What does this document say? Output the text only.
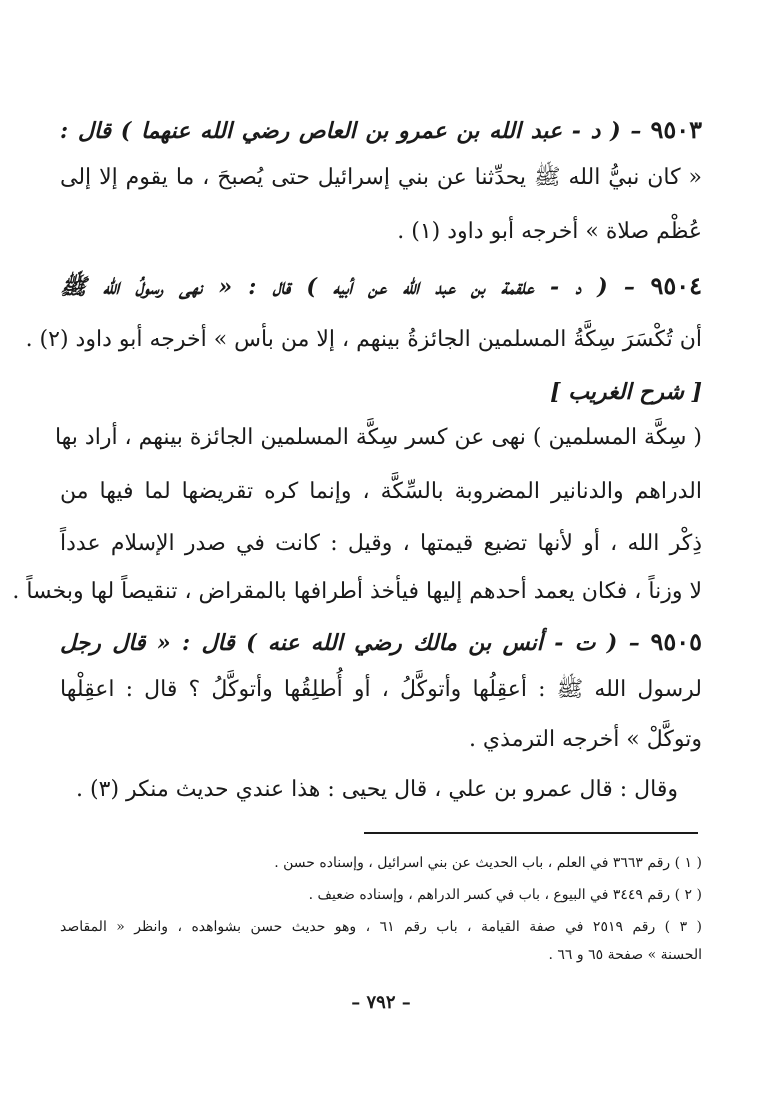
٩٥٠٣ – ( د - عبد الله بن عمرو بن العاص رضي الله عنهما ) قال :
« كان نبيُّ الله ﷺ يحدِّثنا عن بني إسرائيل حتى يُصبحَ ، ما يقوم إلا إلى
عُظْم صلاة » أخرجه أبو داود (١) .
٩٥٠٤ – ( د - علقمة بن عبد الله عن أبيه ) قال : « نهى رسولُ الله ﷺ
أن تُكْسَرَ سِكَّةُ المسلمين الجائزةُ بينهم ، إلا من بأس » أخرجه أبو داود (٢) .
[ شرح الغريب ]
( سِكَّة المسلمين ) نهى عن كسر سِكَّة المسلمين الجائزة بينهم ، أراد بها
الدراهم والدنانير المضروبة بالسِّكَّة ، وإنما كره تقريضها لما فيها من
ذِكْر الله ، أو لأنها تضيع قيمتها ، وقيل : كانت في صدر الإسلام عدداً
لا وزناً ، فكان يعمد أحدهم إليها فيأخذ أطرافها بالمقراض ، تنقيصاً لها وبخساً .
٩٥٠٥ – ( ت - أنس بن مالك رضي الله عنه ) قال : « قال رجل
لرسول الله ﷺ : أعقِلُها وأتوكَّلُ ، أو أُطلِقُها وأتوكَّلُ ؟ قال : اعقِلْها
وتوكَّلْ » أخرجه الترمذي .
وقال : قال عمرو بن علي ، قال يحيى : هذا عندي حديث منكر (٣) .
( ١ ) رقم ٣٦٦٣ في العلم ، باب الحديث عن بني اسرائيل ، وإسناده حسن .
( ٢ ) رقم ٣٤٤٩ في البيوع ، باب في كسر الدراهم ، وإسناده ضعيف .
( ٣ ) رقم ٢٥١٩ في صفة القيامة ، باب رقم ٦١ ، وهو حديث حسن بشواهده ، وانظر « المقاصد
الحسنة » صفحة ٦٥ و ٦٦ .
– ٧٩٢ –
